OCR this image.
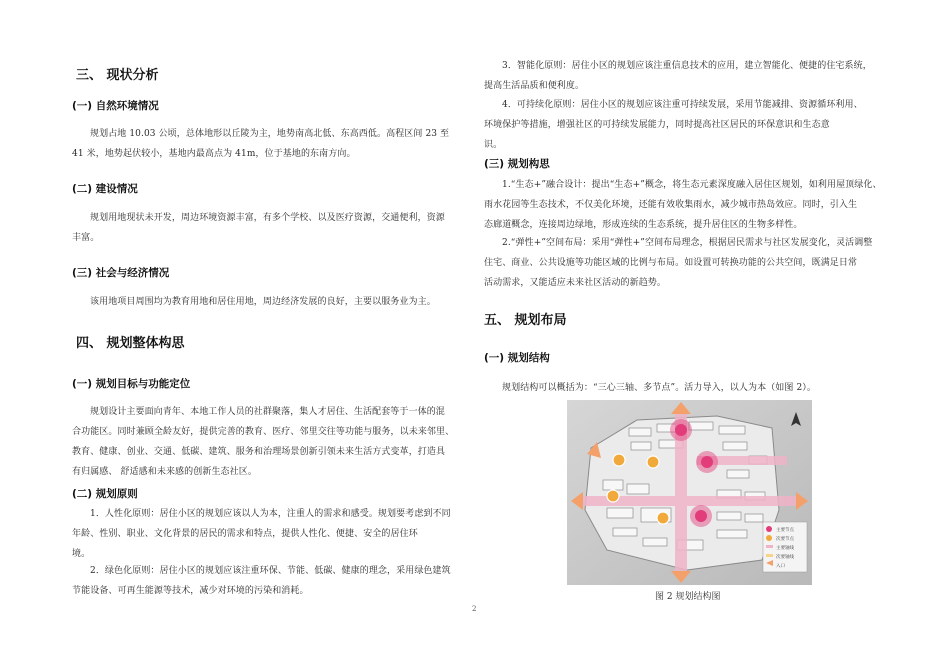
三、 现状分析
(一) 自然环境情况
规划占地 10.03 公顷，总体地形以丘陵为主，地势南高北低、东高西低。高程区间 23 至
41 米，地势起伏较小，基地内最高点为 41m，位于基地的东南方向。
(二) 建设情况
规划用地现状未开发，周边环境资源丰富，有多个学校、以及医疗资源，交通便利，资源
丰富。
(三) 社会与经济情况
该用地项目周围均为教育用地和居住用地，周边经济发展的良好，主要以服务业为主。
四、 规划整体构思
(一) 规划目标与功能定位
规划设计主要面向青年、本地工作人员的社群聚落，集人才居住、生活配套等于一体的混
合功能区。同时兼顾全龄友好，提供完善的教育、医疗、邻里交往等功能与服务，以未来邻里、
教育、健康、创业、交通、低碳、建筑、服务和治理场景创新引领未来生活方式变革，打造具
有归属感、 舒适感和未来感的创新生态社区。
(二) 规划原则
1．人性化原则：居住小区的规划应该以人为本，注重人的需求和感受。规划要考虑到不同
年龄、性别、职业、文化背景的居民的需求和特点，提供人性化、便捷、安全的居住环
境。
2．绿色化原则：居住小区的规划应该注重环保、节能、低碳、健康的理念，采用绿色建筑
节能设备、可再生能源等技术，减少对环境的污染和消耗。
3．智能化原则：居住小区的规划应该注重信息技术的应用，建立智能化、便捷的住宅系统，
提高生活品质和便利度。
4．可持续化原则：居住小区的规划应该注重可持续发展，采用节能减排、资源循环利用、
环境保护等措施，增强社区的可持续发展能力，同时提高社区居民的环保意识和生态意
识。
(三) 规划构思
1.“生态+”融合设计：提出“生态+”概念，将生态元素深度融入居住区规划，如利用屋顶绿化、
雨水花园等生态技术，不仅美化环境，还能有效收集雨水，减少城市热岛效应。同时，引入生
态廊道概念，连接周边绿地，形成连续的生态系统，提升居住区的生物多样性。
2.“弹性+”空间布局：采用“弹性+”空间布局理念，根据居民需求与社区发展变化，灵活调整
住宅、商业、公共设施等功能区域的比例与布局。如设置可转换功能的公共空间，既满足日常
活动需求，又能适应未来社区活动的新趋势。
五、 规划布局
(一) 规划结构
规划结构可以概括为：“三心三轴、多节点”。活力导入，以人为本（如图 2）。
主要节点
次要节点
主要轴线
次要轴线
入口
图 2 规划结构图
2
